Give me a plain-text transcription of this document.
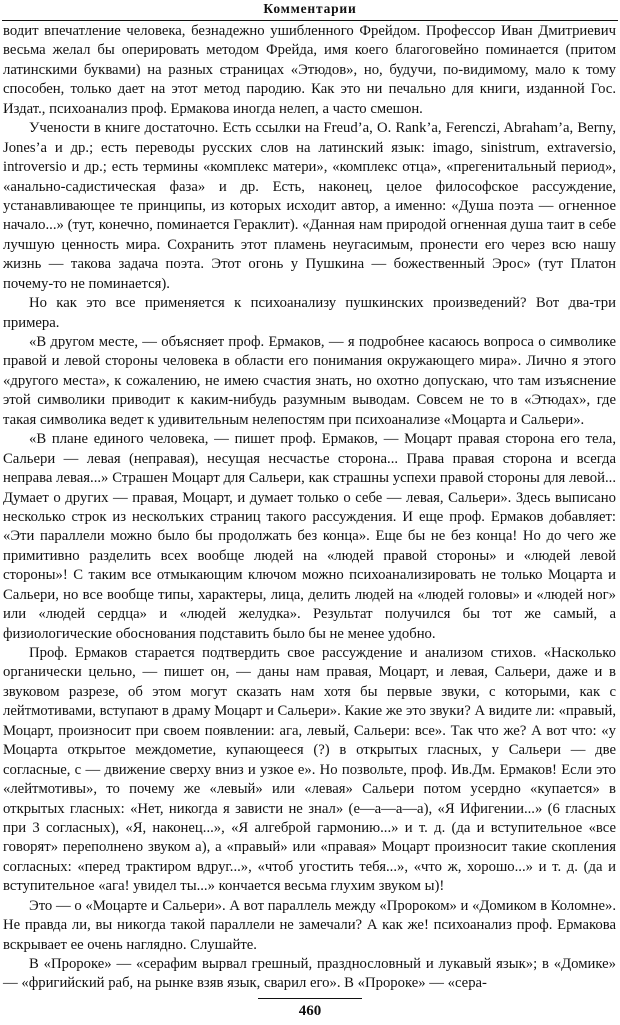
Комментарии

водит впечатление человека, безнадежно ушибленного Фрейдом. Профессор Иван Дмитриевич весьма желал бы оперировать методом Фрейда, имя коего благоговейно поминается (притом латинскими буквами) на разных страницах «Этюдов», но, будучи, по-видимому, мало к тому способен, только дает на этот метод пародию. Как это ни печально для книги, изданной Гос. Издат., психоанализ проф. Ермакова иногда нелеп, а часто смешон.

Учености в книге достаточно. Есть ссылки на Freud’a, O. Rank’a, Ferenczi, Abraham’a, Berny, Jones’a и др.; есть переводы русских слов на латинский язык: imago, sinistrum, extraversio, introversio и др.; есть термины «комплекс матери», «комплекс отца», «прегенитальный период», «анально-садистическая фаза» и др. Есть, наконец, целое философское рассуждение, устанавливающее те принципы, из которых исходит автор, а именно: «Душа поэта — огненное начало...» (тут, конечно, поминается Гераклит). «Данная нам природой огненная душа таит в себе лучшую ценность мира. Сохранить этот пламень неугасимым, пронести его через всю нашу жизнь — такова задача поэта. Этот огонь у Пушкина — божественный Эрос» (тут Платон почему-то не поминается).

Но как это все применяется к психоанализу пушкинских произведений? Вот два-три примера.

«В другом месте, — объясняет проф. Ермаков, — я подробнее касаюсь вопроса о символике правой и левой стороны человека в области его понимания окружающего мира». Лично я этого «другого места», к сожалению, не имею счастия знать, но охотно допускаю, что там изъяснение этой символики приводит к каким-нибудь разумным выводам. Совсем не то в «Этюдах», где такая символика ведет к удивительным нелепостям при психоанализе «Моцарта и Сальери».

«В плане единого человека, — пишет проф. Ермаков, — Моцарт правая сторона его тела, Сальери — левая (неправая), несущая несчастье сторона... Права правая сторона и всегда неправа левая...» Страшен Моцарт для Сальери, как страшны успехи правой стороны для левой... Думает о других — правая, Моцарт, и думает только о себе — левая, Сальери». Здесь выписано несколько строк из несколъких страниц такого рассуждения. И еще проф. Ермаков добавляет: «Эти параллели можно было бы продолжать без конца». Еще бы не без конца! Но до чего же примитивно разделить всех вообще людей на «людей правой стороны» и «людей левой стороны»! С таким все отмыкающим ключом можно психоанализировать не только Моцарта и Сальери, но все вообще типы, характеры, лица, делить людей на «людей головы» и «людей ног» или «людей сердца» и «людей желудка». Результат получился бы тот же самый, а физиологические обоснования подставить было бы не менее удобно.

Проф. Ермаков старается подтвердить свое рассуждение и анализом стихов. «Насколько органически цельно, — пишет он, — даны нам правая, Моцарт, и левая, Сальери, даже и в звуковом разрезе, об этом могут сказать нам хотя бы первые звуки, с которыми, как с лейтмотивами, вступают в драму Моцарт и Сальери». Какие же это звуки? А видите ли: «правый, Моцарт, произносит при своем появлении: ага, левый, Сальери: все». Так что же? А вот что: «у Моцарта открытое междометие, купающееся (?) в открытых гласных, у Сальери — две согласные, с — движение сверху вниз и узкое е». Но позвольте, проф. Ив.Дм. Ермаков! Если это «лейтмотивы», то почему же «левый» или «левая» Сальери потом усердно «купается» в открытых гласных: «Нет, никогда я зависти не знал» (е—а—а—а), «Я Ифигении...» (6 гласных при 3 согласных), «Я, наконец...», «Я алгеброй гармонию...» и т. д. (да и вступительное «все говорят» переполнено звуком а), а «правый» или «правая» Моцарт произносит такие скопления согласных: «перед трактиром вдруг...», «чтоб угостить тебя...», «что ж, хорошо...» и т. д. (да и вступительное «ага! увидел ты...» кончается весьма глухим звуком ы)!

Это — о «Моцарте и Сальери». А вот параллель между «Пророком» и «Домиком в Коломне». Не правда ли, вы никогда такой параллели не замечали? А как же! психоанализ проф. Ермакова вскрывает ее очень наглядно. Слушайте.

В «Пророке» — «серафим вырвал грешный, празднословный и лукавый язык»; в «Домике» — «фригийский раб, на рынке взяв язык, сварил его». В «Пророке» — «сера-

460
